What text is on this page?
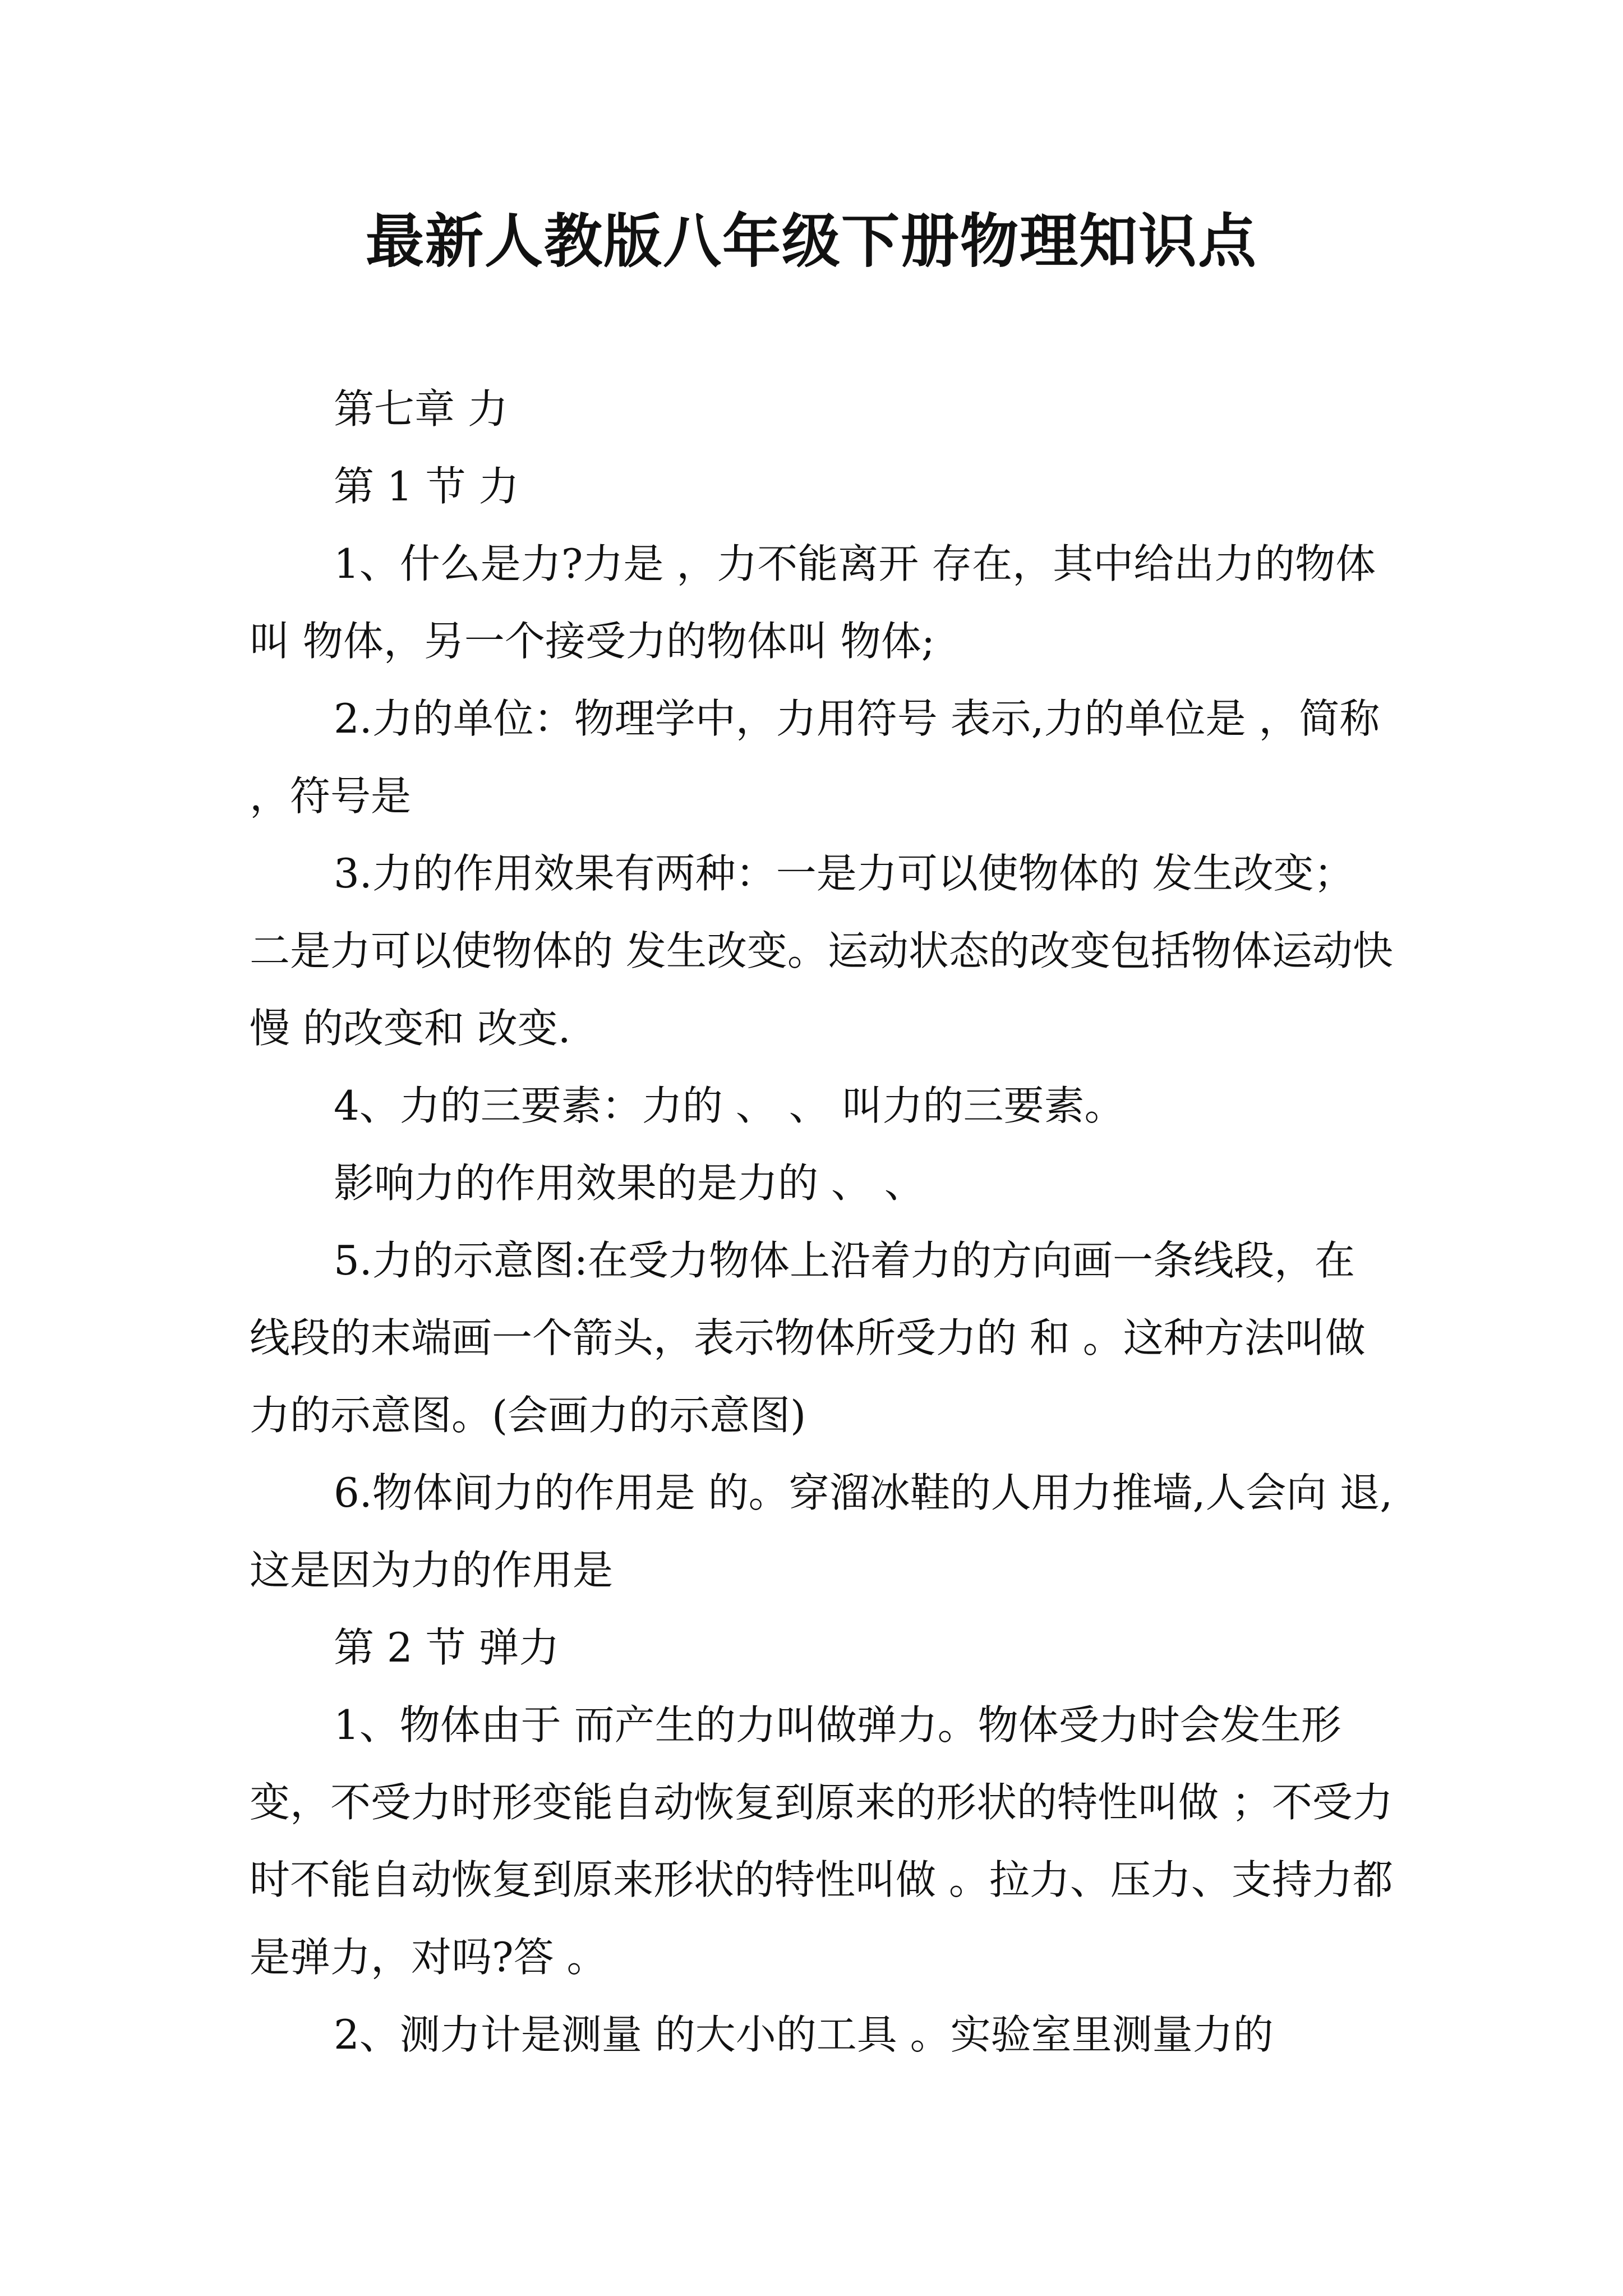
最新人教版八年级下册物理知识点

第七章 力

第 1 节 力

1、什么是力?力是 ，力不能离开 存在，其中给出力的物体叫 物体，另一个接受力的物体叫 物体;

2.力的单位：物理学中，力用符号 表示,力的单位是 ，简称 ，符号是

3.力的作用效果有两种：一是力可以使物体的 发生改变；二是力可以使物体的 发生改变。运动状态的改变包括物体运动快慢 的改变和 改变.

4、力的三要素：力的 、 、 叫力的三要素。

影响力的作用效果的是力的 、 、

5.力的示意图:在受力物体上沿着力的方向画一条线段，在线段的末端画一个箭头，表示物体所受力的 和 。这种方法叫做力的示意图。(会画力的示意图)

6.物体间力的作用是 的。穿溜冰鞋的人用力推墙,人会向 退,这是因为力的作用是

第 2 节 弹力

1、物体由于 而产生的力叫做弹力。物体受力时会发生形变，不受力时形变能自动恢复到原来的形状的特性叫做 ；不受力时不能自动恢复到原来形状的特性叫做 。拉力、压力、支持力都是弹力，对吗?答 。

2、测力计是测量 的大小的工具 。实验室里测量力的
